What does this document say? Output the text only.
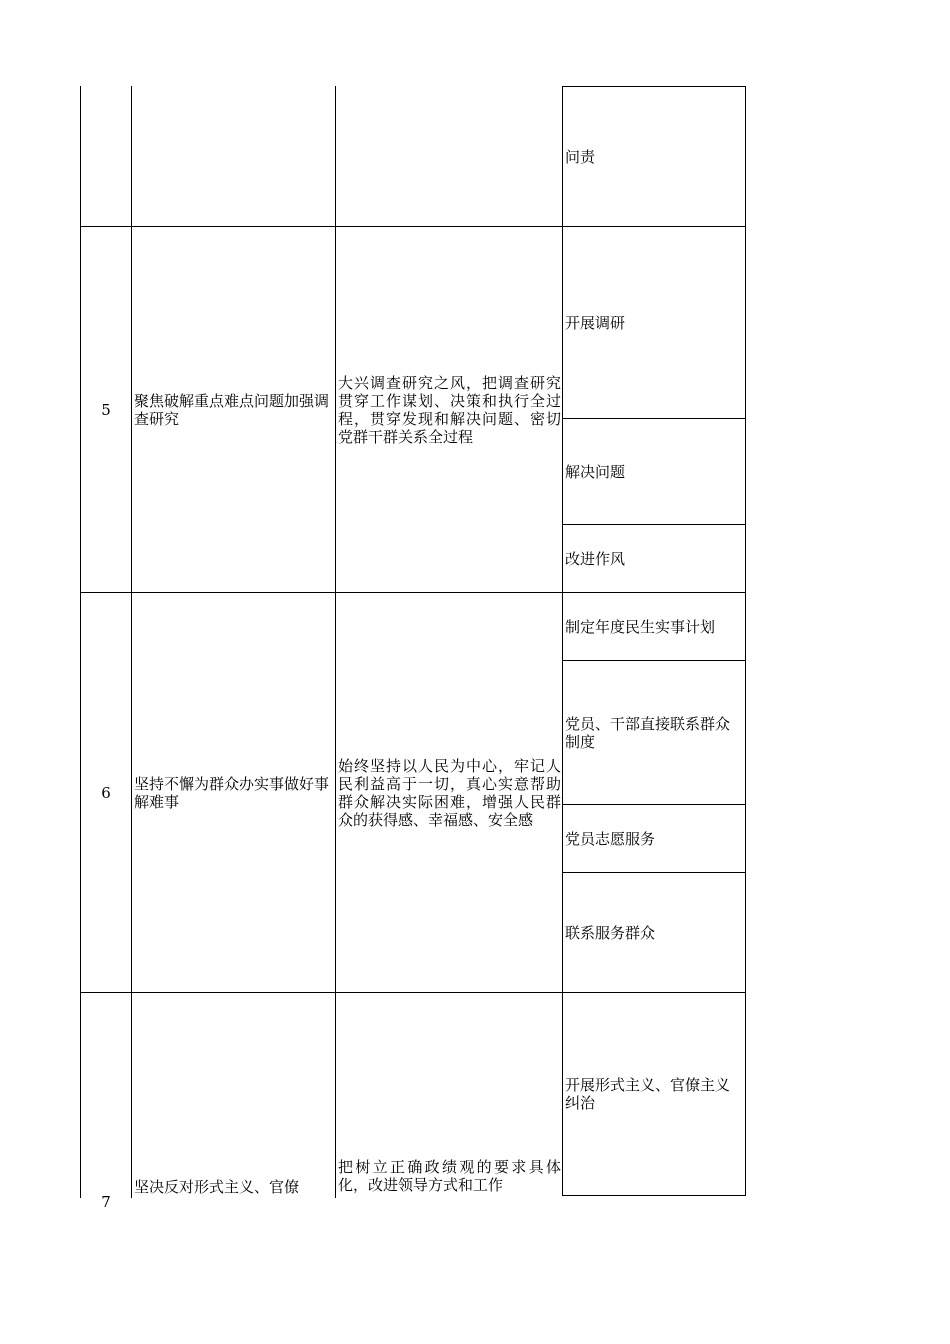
问责
5 聚焦破解重点难点问题加强调查研究
大兴调查研究之风，把调查研究贯穿工作谋划、决策和执行全过程，贯穿发现和解决问题、密切党群干群关系全过程
开展调研
解决问题
改进作风
6 坚持不懈为群众办实事做好事解难事
始终坚持以人民为中心，牢记人民利益高于一切，真心实意帮助群众解决实际困难，增强人民群众的获得感、幸福感、安全感
制定年度民生实事计划
党员、干部直接联系群众制度
党员志愿服务
联系服务群众
7
坚决反对形式主义、官僚
把树立正确政绩观的要求具体化，改进领导方式和工作
开展形式主义、官僚主义纠治
